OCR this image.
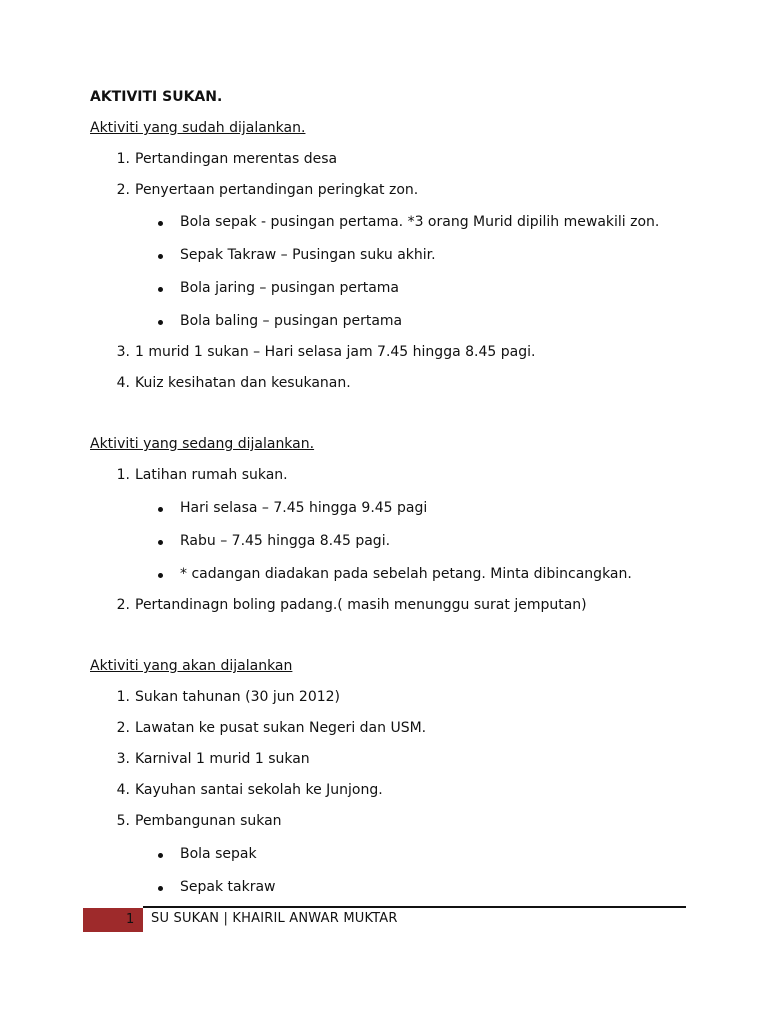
AKTIVITI SUKAN.
Aktiviti yang sudah dijalankan.
1. Pertandingan merentas desa
2. Penyertaan pertandingan peringkat zon.
Bola sepak - pusingan pertama. *3 orang Murid dipilih mewakili zon.
Sepak Takraw – Pusingan suku akhir.
Bola jaring – pusingan pertama
Bola baling – pusingan pertama
3. 1 murid 1 sukan – Hari selasa jam 7.45 hingga 8.45 pagi.
4. Kuiz kesihatan dan kesukanan.
Aktiviti yang sedang dijalankan.
1. Latihan rumah sukan.
Hari selasa – 7.45 hingga 9.45 pagi
Rabu – 7.45 hingga 8.45 pagi.
* cadangan diadakan pada sebelah petang. Minta dibincangkan.
2. Pertandinagn boling padang.( masih menunggu surat jemputan)
Aktiviti yang akan dijalankan
1. Sukan tahunan (30 jun 2012)
2. Lawatan ke pusat sukan Negeri dan USM.
3. Karnival 1 murid 1 sukan
4. Kayuhan santai sekolah ke Junjong.
5. Pembangunan sukan
Bola sepak
Sepak takraw
1 SU SUKAN | KHAIRIL ANWAR MUKTAR
